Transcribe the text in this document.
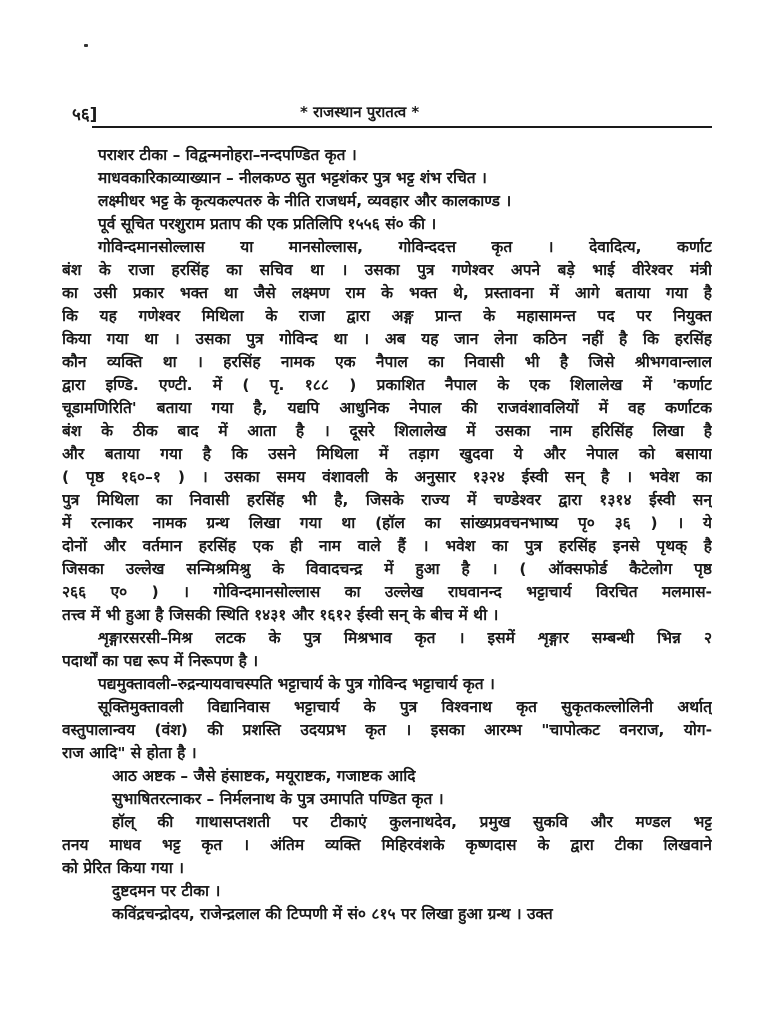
५६]	* राजस्थान पुरातत्व *
पराशर टीका – विद्वन्मनोहरा–नन्दपण्डित कृत ।
माधवकारिकाव्याख्यान – नीलकण्ठ सुत भट्टशंकर पुत्र भट्ट शंभ रचित ।
लक्ष्मीधर भट्ट के कृत्यकल्पतरु के नीति राजधर्म, व्यवहार और कालकाण्ड ।
पूर्व सूचित परशुराम प्रताप की एक प्रतिलिपि १५५६ सं० की ।
गोविन्दमानसोल्लास या मानसोल्लास, गोविन्ददत्त कृत । देवादित्य, कर्णाट
बंश के राजा हरसिंह का सचिव था । उसका पुत्र गणेश्वर अपने बड़े भाई वीरेश्वर मंत्री
का उसी प्रकार भक्त था जैसे लक्ष्मण राम के भक्त थे, प्रस्तावना में आगे बताया गया है
कि यह गणेश्वर मिथिला के राजा द्वारा अङ्ग प्रान्त के महासामन्त पद पर नियुक्त
किया गया था । उसका पुत्र गोविन्द था । अब यह जान लेना कठिन नहीं है कि हरसिंह
कौन व्यक्ति था । हरसिंह नामक एक नैपाल का निवासी भी है जिसे श्रीभगवान्लाल
द्वारा इण्डि. एण्टी. में ( पृ. १८८ ) प्रकाशित नैपाल के एक शिलालेख में 'कर्णाट
चूडामणिरिति' बताया गया है, यद्यपि आधुनिक नेपाल की राजवंशावलियों में वह कर्णाटक
बंश के ठीक बाद में आता है । दूसरे शिलालेख में उसका नाम हरिसिंह लिखा है
और बताया गया है कि उसने मिथिला में तड़ाग खुदवा ये और नेपाल को बसाया
( पृष्ठ १६०–१ ) । उसका समय वंशावली के अनुसार १३२४ ईस्वी सन् है । भवेश का
पुत्र मिथिला का निवासी हरसिंह भी है, जिसके राज्य में चण्डेश्वर द्वारा १३१४ ईस्वी सन्
में रत्नाकर नामक ग्रन्थ लिखा गया था (हॉल का सांख्यप्रवचनभाष्य पृ० ३६ ) । ये
दोनों और वर्तमान हरसिंह एक ही नाम वाले हैं । भवेश का पुत्र हरसिंह इनसे पृथक् है
जिसका उल्लेख सन्मिश्रमिश्रु के विवादचन्द्र में हुआ है । ( ऑक्सफोर्ड कैटेलोग पृष्ठ
२६६ ए० ) । गोविन्दमानसोल्लास का उल्लेख राघवानन्द भट्टाचार्य विरचित मलमास-
तत्त्व में भी हुआ है जिसकी स्थिति १४३१ और १६१२ ईस्वी सन् के बीच में थी ।
शृङ्गारसरसी–मिश्र लटक के पुत्र मिश्रभाव कृत । इसमें शृङ्गार सम्बन्धी भिन्न २
पदार्थों का पद्य रूप में निरूपण है ।
पद्यमुक्तावली–रुद्रन्यायवाचस्पति भट्टाचार्य के पुत्र गोविन्द भट्टाचार्य कृत ।
सूक्तिमुक्तावली विद्यानिवास भट्टाचार्य के पुत्र विश्वनाथ कृत सुकृतकल्लोलिनी अर्थात्
वस्तुपालान्वय (वंश) की प्रशस्ति उदयप्रभ कृत । इसका आरम्भ "चापोत्कट वनराज, योग-
राज आदि" से होता है ।
आठ अष्टक – जैसे हंसाष्टक, मयूराष्टक, गजाष्टक आदि
सुभाषितरत्नाकर – निर्मलनाथ के पुत्र उमापति पण्डित कृत ।
हॉल् की गाथासप्तशती पर टीकाएं कुलनाथदेव, प्रमुख सुकवि और मण्डल भट्ट
तनय माधव भट्ट कृत । अंतिम व्यक्ति मिहिरवंशके कृष्णदास के द्वारा टीका लिखवाने
को प्रेरित किया गया ।
दुष्टदमन पर टीका ।
कविंद्रचन्द्रोदय, राजेन्द्रलाल की टिप्पणी में सं० ८१५ पर लिखा हुआ ग्रन्थ । उक्त
